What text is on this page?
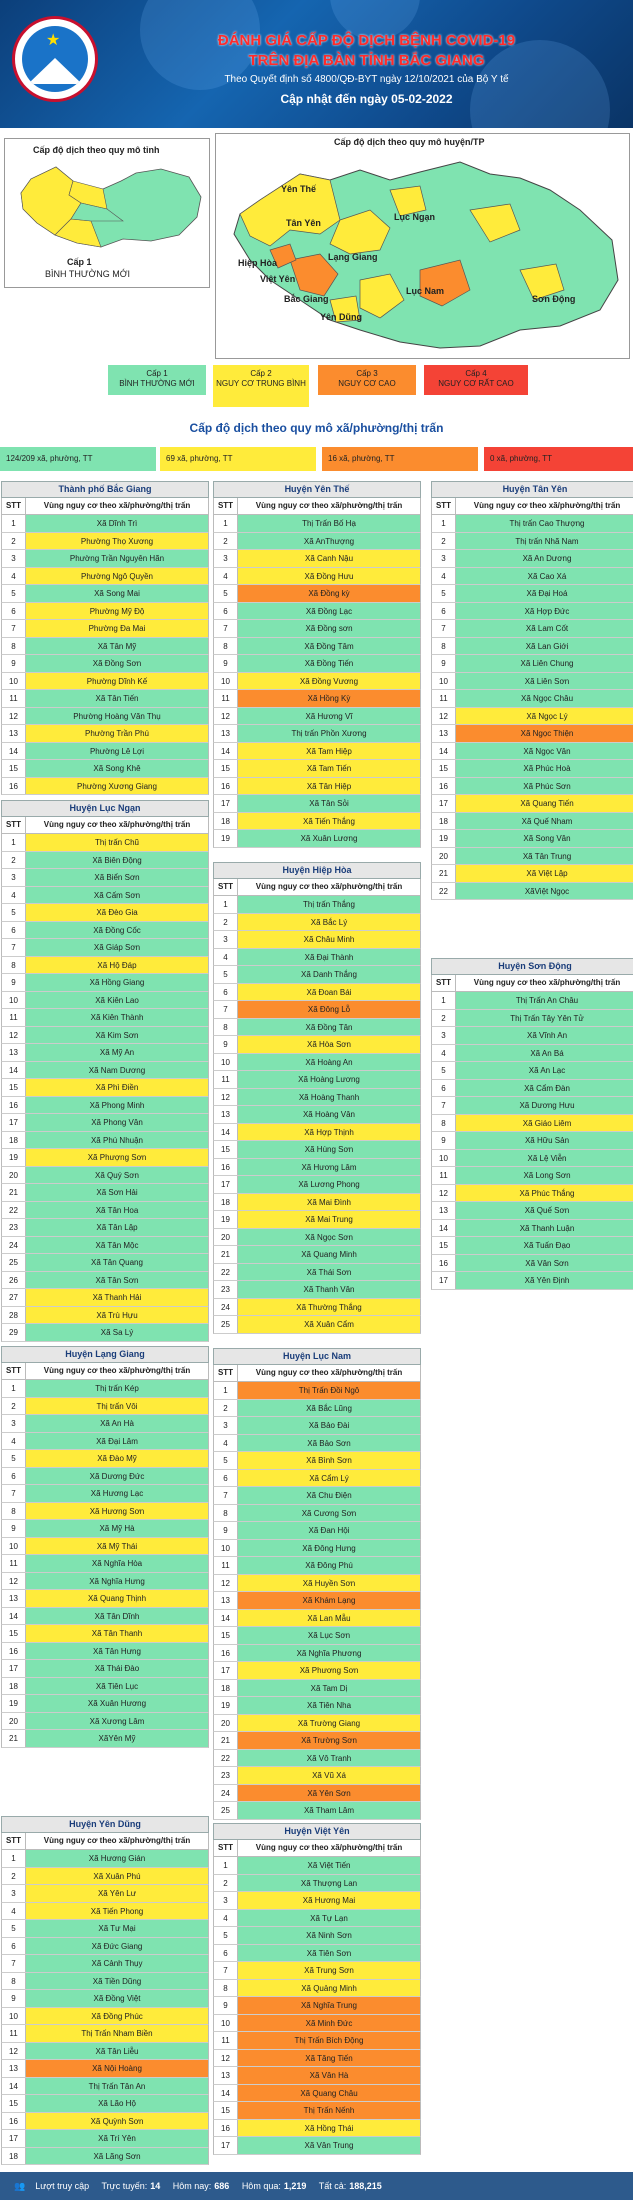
★	ĐÁNH GIÁ CẤP ĐỘ DỊCH BỆNH COVID-19
TRÊN ĐỊA BÀN TỈNH BẮC GIANG
Theo Quyết định số 4800/QĐ-BYT ngày 12/10/2021 của Bộ Y tế
Cập nhật đến ngày 05-02-2022
Cấp độ dịch theo quy mô tỉnh
Cấp 1
BÌNH THƯỜNG MỚI
Cấp độ dịch theo quy mô huyện/TP
Yên Thế
Tân Yên
Lục Ngạn
Hiệp Hòa
Việt Yên
Lạng Giang
Lục Nam
Yên Dũng
Sơn Động
Bắc Giang
Cấp 1
BÌNH THƯỜNG MỚI
Cấp 2
NGUY CƠ TRUNG BÌNH
Cấp 3
NGUY CƠ CAO
Cấp 4
NGUY CƠ RẤT CAO
Cấp độ dịch theo quy mô xã/phường/thị trấn
124/209 xã, phường, TT	69 xã, phường, TT	16 xã, phường, TT	0 xã, phường, TT
Thành phố Bắc Giang
STT	Vùng nguy cơ theo xã/phường/thị trấn
1	Xã Dĩnh Trì
2	Phường Thọ Xương
3	Phường Trần Nguyên Hãn
4	Phường Ngô Quyền
5	Xã Song Mai
6	Phường Mỹ Độ
7	Phường Đa Mai
8	Xã Tân Mỹ
9	Xã Đồng Sơn
10	Phường Dĩnh Kế
11	Xã Tân Tiến
12	Phường Hoàng Văn Thụ
13	Phường Trần Phú
14	Phường Lê Lợi
15	Xã Song Khê
16	Phường Xương Giang
Huyện Lục Ngạn
STT	Vùng nguy cơ theo xã/phường/thị trấn
1	Thị trấn Chũ
2	Xã Biên Động
3	Xã Biển Sơn
4	Xã Cấm Sơn
5	Xã Đèo Gia
6	Xã Đồng Cốc
7	Xã Giáp Sơn
8	Xã Hộ Đáp
9	Xã Hồng Giang
10	Xã Kiên Lao
11	Xã Kiên Thành
12	Xã Kim Sơn
13	Xã Mỹ An
14	Xã Nam Dương
15	Xã Phì Điền
16	Xã Phong Minh
17	Xã Phong Vân
18	Xã Phú Nhuận
19	Xã Phượng Sơn
20	Xã Quý Sơn
21	Xã Sơn Hải
22	Xã Tân Hoa
23	Xã Tân Lập
24	Xã Tân Mộc
25	Xã Tân Quang
26	Xã Tân Sơn
27	Xã Thanh Hải
28	Xã Trù Hựu
29	Xã Sa Lý
Huyện Lạng Giang
STT	Vùng nguy cơ theo xã/phường/thị trấn
1	Thị trấn Kép
2	Thị trấn Vôi
3	Xã An Hà
4	Xã Đại Lâm
5	Xã Đào Mỹ
6	Xã Dương Đức
7	Xã Hương Lạc
8	Xã Hương Sơn
9	Xã Mỹ Hà
10	Xã Mỹ Thái
11	Xã Nghĩa Hòa
12	Xã Nghĩa Hưng
13	Xã Quang Thịnh
14	Xã Tân Dĩnh
15	Xã Tân Thanh
16	Xã Tân Hưng
17	Xã Thái Đào
18	Xã Tiên Lục
19	Xã Xuân Hương
20	Xã Xương Lâm
21	XãYên Mỹ
Huyện Yên Dũng
STT	Vùng nguy cơ theo xã/phường/thị trấn
1	Xã Hương Gián
2	Xã Xuân Phú
3	Xã Yên Lư
4	Xã Tiến Phong
5	Xã Tư Mại
6	Xã Đức Giang
7	Xã Cảnh Thụy
8	Xã Tiền Dũng
9	Xã Đồng Việt
10	Xã Đồng Phúc
11	Thị Trấn Nham Biền
12	Xã Tân Liễu
13	Xã Nội Hoàng
14	Thị Trấn Tân An
15	Xã Lão Hộ
16	Xã Quỳnh Sơn
17	Xã Trí Yên
18	Xã Lãng Sơn
Huyện Yên Thế
STT	Vùng nguy cơ theo xã/phường/thị trấn
1	Thị Trấn Bố Hạ
2	Xã AnThượng
3	Xã Canh Nậu
4	Xã Đồng Hưu
5	Xã Đồng kỳ
6	Xã Đồng Lạc
7	Xã Đồng sơn
8	Xã Đồng Tâm
9	Xã Đồng Tiến
10	Xã Đồng Vương
11	Xã Hồng Kỳ
12	Xã Hương Vĩ
13	Thị trấn Phồn Xương
14	Xã Tam Hiệp
15	Xã Tam Tiến
16	Xã Tân Hiệp
17	Xã Tân Sỏi
18	Xã Tiến Thắng
19	Xã Xuân Lương
Huyện Hiệp Hòa
STT	Vùng nguy cơ theo xã/phường/thị trấn
1	Thị trấn Thắng
2	Xã Bắc Lý
3	Xã Châu Minh
4	Xã Đại Thành
5	Xã Danh Thắng
6	Xã Đoan Bái
7	Xã Đông Lỗ
8	Xã Đồng Tân
9	Xã Hòa Sơn
10	Xã Hoàng An
11	Xã Hoàng Lương
12	Xã Hoàng Thanh
13	Xã Hoàng Vân
14	Xã Hợp Thịnh
15	Xã Hùng Sơn
16	Xã Hương Lâm
17	Xã Lương Phong
18	Xã Mai Đình
19	Xã Mai Trung
20	Xã Ngọc Sơn
21	Xã Quang Minh
22	Xã Thái Sơn
23	Xã Thanh Vân
24	Xã Thường Thắng
25	Xã Xuân Cẩm
Huyện Lục Nam
STT	Vùng nguy cơ theo xã/phường/thị trấn
1	Thị Trấn Đồi Ngô
2	Xã Bắc Lũng
3	Xã Bảo Đài
4	Xã Bảo Sơn
5	Xã Bình Sơn
6	Xã Cẩm Lý
7	Xã Chu Điện
8	Xã Cương Sơn
9	Xã Đan Hội
10	Xã Đông Hưng
11	Xã Đông Phú
12	Xã Huyền Sơn
13	Xã Khám Lạng
14	Xã Lan Mẫu
15	Xã Lục Sơn
16	Xã Nghĩa Phương
17	Xã Phương Sơn
18	Xã Tam Dị
19	Xã Tiên Nha
20	Xã Trường Giang
21	Xã Trường Sơn
22	Xã Vô Tranh
23	Xã Vũ Xá
24	Xã Yên Sơn
25	Xã Tham Lâm
Huyện Việt Yên
STT	Vùng nguy cơ theo xã/phường/thị trấn
1	Xã Việt Tiến
2	Xã Thượng Lan
3	Xã Hương Mai
4	Xã Tự Lạn
5	Xã Ninh Sơn
6	Xã Tiên Sơn
7	Xã Trung Sơn
8	Xã Quảng Minh
9	Xã Nghĩa Trung
10	Xã Minh Đức
11	Thị Trấn Bích Động
12	Xã Tăng Tiến
13	Xã Vân Hà
14	Xã Quang Châu
15	Thị Trấn Nếnh
16	Xã Hồng Thái
17	Xã Vân Trung
Huyện Tân Yên
STT	Vùng nguy cơ theo xã/phường/thị trấn
1	Thị trấn Cao Thượng
2	Thị trấn Nhã Nam
3	Xã An Dương
4	Xã Cao Xá
5	Xã Đại Hoá
6	Xã Hợp Đức
7	Xã Lam Cốt
8	Xã Lan Giới
9	Xã Liên Chung
10	Xã Liên Sơn
11	Xã Ngọc Châu
12	Xã Ngọc Lý
13	Xã Ngọc Thiện
14	Xã Ngọc Vân
15	Xã Phúc Hoà
16	Xã Phúc Sơn
17	Xã Quang Tiến
18	Xã Quế Nham
19	Xã Song Vân
20	Xã Tân Trung
21	Xã Việt Lập
22	XãViệt Ngọc
Huyện Sơn Động
STT	Vùng nguy cơ theo xã/phường/thị trấn
1	Thị Trấn An Châu
2	Thị Trấn Tây Yên Tử
3	Xã Vĩnh An
4	Xã An Bá
5	Xã An Lạc
6	Xã Cẩm Đàn
7	Xã Dương Hưu
8	Xã Giáo Liêm
9	Xã Hữu Sản
10	Xã Lệ Viễn
11	Xã Long Sơn
12	Xã Phúc Thắng
13	Xã Quế Sơn
14	Xã Thanh Luận
15	Xã Tuấn Đạo
16	Xã Vân Sơn
17	Xã Yên Định
👥 Lượt truy cập Trực tuyến: 14 Hôm nay: 686 Hôm qua: 1,219 Tất cả: 188,215
